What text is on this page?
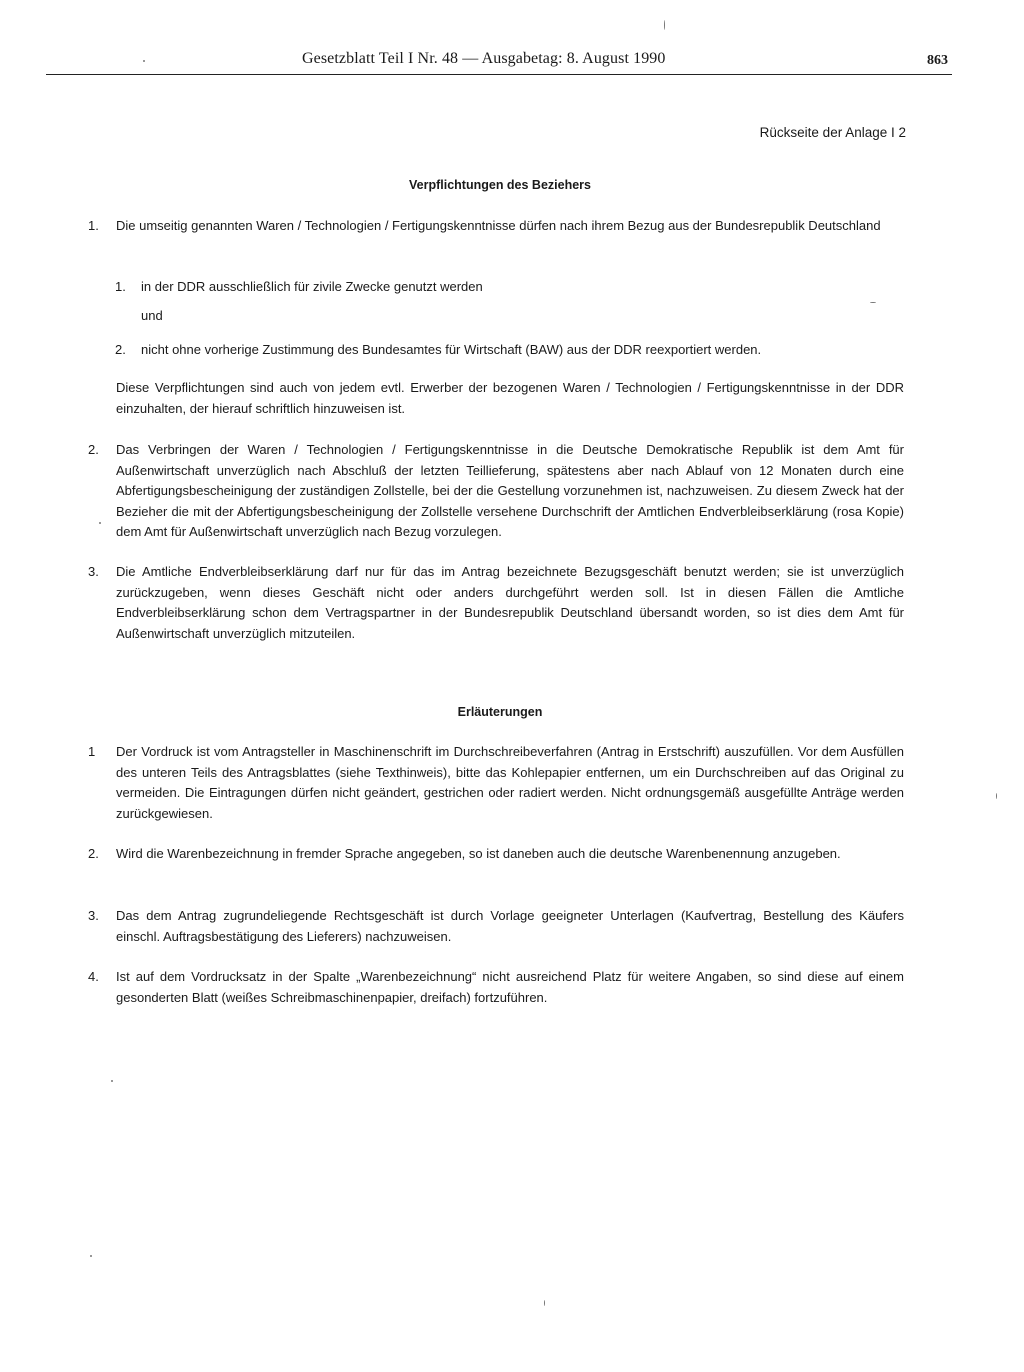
Gesetzblatt Teil I Nr. 48 — Ausgabetag: 8. August 1990	863
Rückseite der Anlage I 2
Verpflichtungen des Beziehers
1. Die umseitig genannten Waren / Technologien / Fertigungskenntnisse dürfen nach ihrem Bezug aus der Bundesrepublik Deutschland
1. in der DDR ausschließlich für zivile Zwecke genutzt werden
und
2. nicht ohne vorherige Zustimmung des Bundesamtes für Wirtschaft (BAW) aus der DDR reexportiert werden.
Diese Verpflichtungen sind auch von jedem evtl. Erwerber der bezogenen Waren / Technologien / Fertigungskenntnisse in der DDR einzuhalten, der hierauf schriftlich hinzuweisen ist.
2. Das Verbringen der Waren / Technologien / Fertigungskenntnisse in die Deutsche Demokratische Republik ist dem Amt für Außenwirtschaft unverzüglich nach Abschluß der letzten Teillieferung, spätestens aber nach Ablauf von 12 Monaten durch eine Abfertigungsbescheinigung der zuständigen Zollstelle, bei der die Gestellung vorzunehmen ist, nachzuweisen. Zu diesem Zweck hat der Bezieher die mit der Abfertigungsbescheinigung der Zollstelle versehene Durchschrift der Amtlichen Endverbleibserklärung (rosa Kopie) dem Amt für Außenwirtschaft unverzüglich nach Bezug vorzulegen.
3. Die Amtliche Endverbleibserklärung darf nur für das im Antrag bezeichnete Bezugsgeschäft benutzt werden; sie ist unverzüglich zurückzugeben, wenn dieses Geschäft nicht oder anders durchgeführt werden soll. Ist in diesen Fällen die Amtliche Endverbleibserklärung schon dem Vertragspartner in der Bundesrepublik Deutschland übersandt worden, so ist dies dem Amt für Außenwirtschaft unverzüglich mitzuteilen.
Erläuterungen
1 Der Vordruck ist vom Antragsteller in Maschinenschrift im Durchschreibeverfahren (Antrag in Erstschrift) auszufüllen. Vor dem Ausfüllen des unteren Teils des Antragsblattes (siehe Texthinweis), bitte das Kohlepapier entfernen, um ein Durchschreiben auf das Original zu vermeiden. Die Eintragungen dürfen nicht geändert, gestrichen oder radiert werden. Nicht ordnungsgemäß ausgefüllte Anträge werden zurückgewiesen.
2. Wird die Warenbezeichnung in fremder Sprache angegeben, so ist daneben auch die deutsche Warenbenennung anzugeben.
3. Das dem Antrag zugrundeliegende Rechtsgeschäft ist durch Vorlage geeigneter Unterlagen (Kaufvertrag, Bestellung des Käufers einschl. Auftragsbestätigung des Lieferers) nachzuweisen.
4. Ist auf dem Vordrucksatz in der Spalte „Warenbezeichnung“ nicht ausreichend Platz für weitere Angaben, so sind diese auf einem gesonderten Blatt (weißes Schreibmaschinenpapier, dreifach) fortzuführen.
